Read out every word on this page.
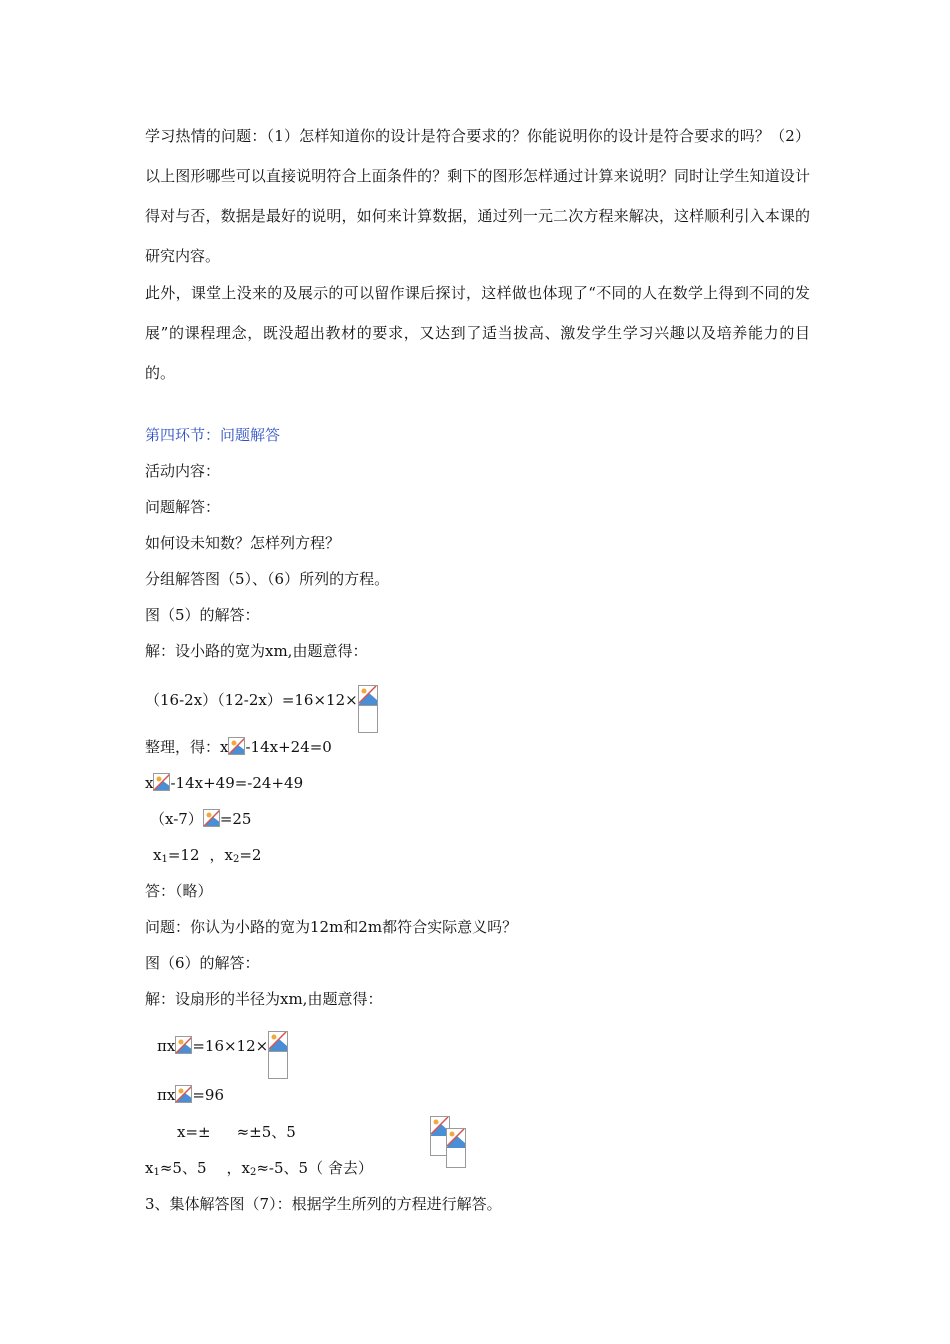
学习热情的问题：（1）怎样知道你的设计是符合要求的？你能说明你的设计是符合要求的吗？（2）以上图形哪些可以直接说明符合上面条件的？剩下的图形怎样通过计算来说明？同时让学生知道设计得对与否，数据是最好的说明，如何来计算数据，通过列一元二次方程来解决，这样顺利引入本课的研究内容。
此外，课堂上没来的及展示的可以留作课后探讨，这样做也体现了“不同的人在数学上得到不同的发展”的课程理念，既没超出教材的要求，又达到了适当拔高、激发学生学习兴趣以及培养能力的目的。
第四环节：问题解答
活动内容：
问题解答：
如何设未知数？怎样列方程？
分组解答图（5）、（6）所列的方程。
图（5）的解答：
解：设小路的宽为xm,由题意得：
（16-2x）（12-2x）=16×12×
整理，得：x -14x+24=0
x -14x+49=-24+49
（x-7） =25
$x_1=12$ ，$x_2=2$
答：（略）
问题：你认为小路的宽为12m和2m都符合实际意义吗？
图（6）的解答：
解：设扇形的半径为xm,由题意得：
πx =16×12×
πx =96
x=± ≈±5、5
$x_1\approx 5$、5 ，$x_2\approx-5$、5（ 舍去）
3、集体解答图（7）：根据学生所列的方程进行解答。
